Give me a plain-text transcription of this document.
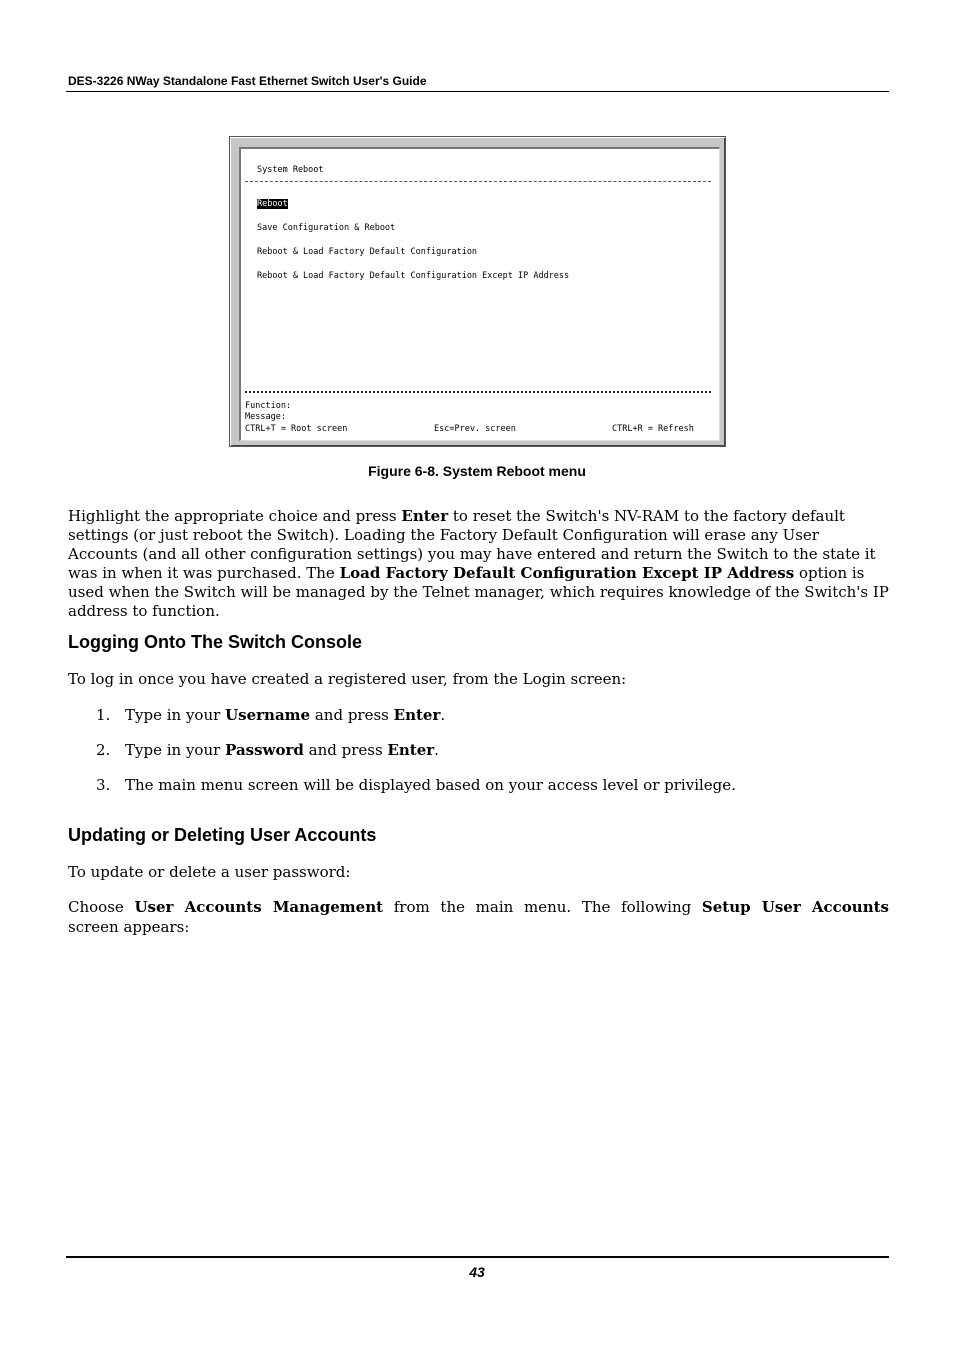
DES-3226 NWay Standalone Fast Ethernet Switch User's Guide
System Reboot
Reboot
Save Configuration & Reboot
Reboot & Load Factory Default Configuration
Reboot & Load Factory Default Configuration Except IP Address
Function:
Message:
CTRL+T = Root screen	Esc=Prev. screen	CTRL+R = Refresh
Figure 6-8. System Reboot menu

Highlight the appropriate choice and press Enter to reset the Switch's NV-RAM to the factory default settings (or just reboot the Switch). Loading the Factory Default Configuration will erase any User Accounts (and all other configuration settings) you may have entered and return the Switch to the state it was in when it was purchased. The Load Factory Default Configuration Except IP Address option is used when the Switch will be managed by the Telnet manager, which requires knowledge of the Switch's IP address to function.

Logging Onto The Switch Console

To log in once you have created a registered user, from the Login screen:

1. Type in your Username and press Enter.
2. Type in your Password and press Enter.
3. The main menu screen will be displayed based on your access level or privilege.
Updating or Deleting User Accounts

To update or delete a user password:

Choose User Accounts Management from the main menu. The following Setup User Accounts

screen appears:

43
